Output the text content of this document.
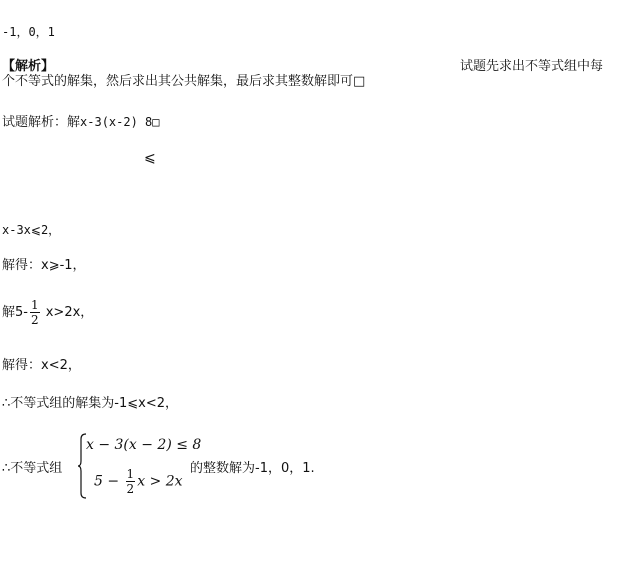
-1，0，1
【解析】	试题先求出不等式组中每
个不等式的解集，然后求出其公共解集，最后求其整数解即可□
试题解析：解x-3(x-2) 8□
⩽
x-3x⩽2，
解得：x⩾-1，
解$5- \frac{1}{2} x>2x$，
解得：x<2，
∴不等式组的解集为-1⩽x<2，
∴不等式组
x − 3(x − 2) ≤ 8
$5 - \frac{1}{2}$ x > 2x
的整数解为-1，0，1.
